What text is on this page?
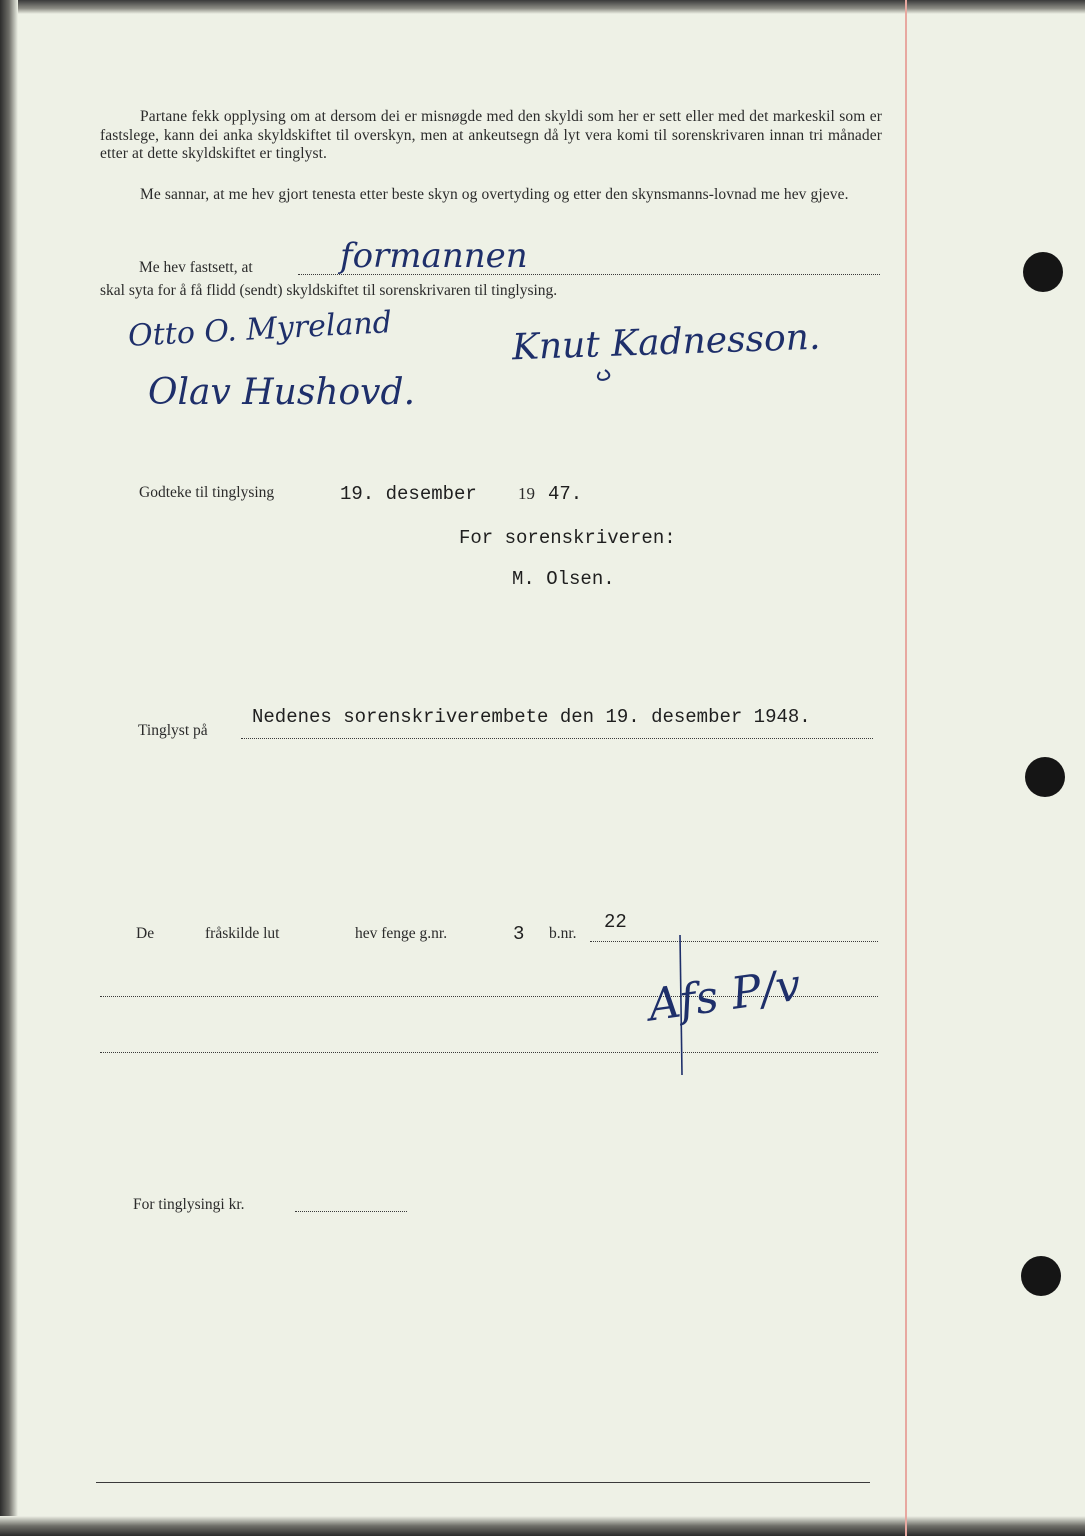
Partane fekk opplysing om at dersom dei er misnøgde med den skyldi som her er sett eller med det markeskil som er fastslege, kann dei anka skyldskiftet til overskyn, men at ankeutsegn då lyt vera komi til sorenskrivaren innan tri månader etter at dette skyldskiftet er tinglyst.
Me sannar, at me hev gjort tenesta etter beste skyn og overtyding og etter den skynsmanns-lovnad me hev gjeve.
Me hev fastsett, at	formannen
skal syta for å få flidd (sendt) skyldskiftet til sorenskrivaren til tinglysing.
Otto O. Myreland	Knut Kadnesson.
Olav Hushovd.
Godteke til tinglysing	19. desember 19 47.
For sorenskriveren:
M. Olsen.
Tinglyst på
Nedenes sorenskriverembete den 19. desember 1948.
De	fråskilde lut	hev fenge g.nr.	3 b.nr.
22
Afs P/v
For tinglysingi kr.
